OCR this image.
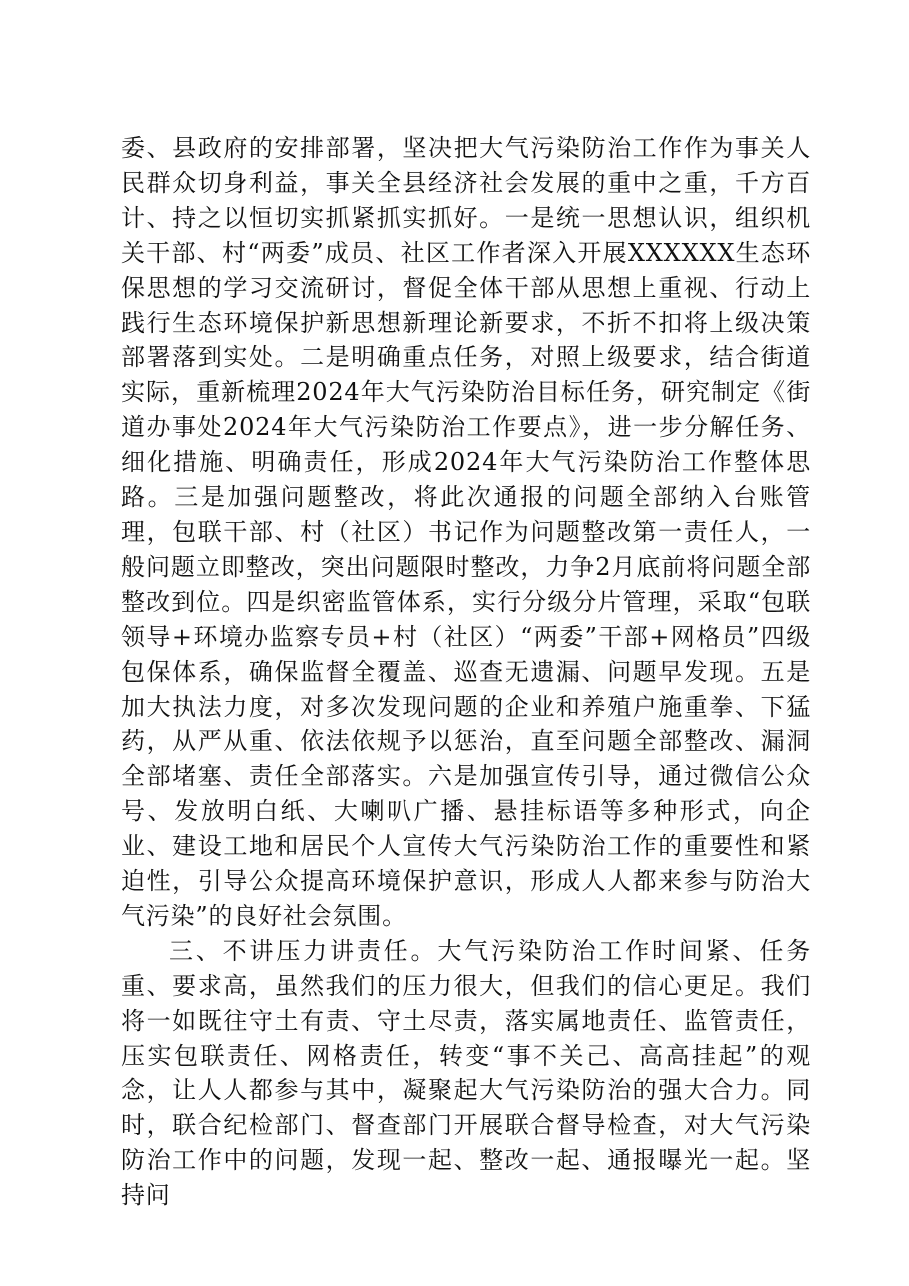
委、县政府的安排部署，坚决把大气污染防治工作作为事关人民群众切身利益，事关全县经济社会发展的重中之重，千方百计、持之以恒切实抓紧抓实抓好。一是统一思想认识，组织机关干部、村“两委”成员、社区工作者深入开展XXXXXX生态环保思想的学习交流研讨，督促全体干部从思想上重视、行动上践行生态环境保护新思想新理论新要求，不折不扣将上级决策部署落到实处。二是明确重点任务，对照上级要求，结合街道实际，重新梳理2024年大气污染防治目标任务，研究制定《街道办事处2024年大气污染防治工作要点》，进一步分解任务、细化措施、明确责任，形成2024年大气污染防治工作整体思路。三是加强问题整改，将此次通报的问题全部纳入台账管理，包联干部、村（社区）书记作为问题整改第一责任人，一般问题立即整改，突出问题限时整改，力争2月底前将问题全部整改到位。四是织密监管体系，实行分级分片管理，采取“包联领导+环境办监察专员+村（社区）“两委”干部+网格员”四级包保体系，确保监督全覆盖、巡查无遗漏、问题早发现。五是加大执法力度，对多次发现问题的企业和养殖户施重拳、下猛药，从严从重、依法依规予以惩治，直至问题全部整改、漏洞全部堵塞、责任全部落实。六是加强宣传引导，通过微信公众号、发放明白纸、大喇叭广播、悬挂标语等多种形式，向企业、建设工地和居民个人宣传大气污染防治工作的重要性和紧迫性，引导公众提高环境保护意识，形成人人都来参与防治大气污染”的良好社会氛围。

三、不讲压力讲责任。大气污染防治工作时间紧、任务重、要求高，虽然我们的压力很大，但我们的信心更足。我们将一如既往守土有责、守土尽责，落实属地责任、监管责任，压实包联责任、网格责任，转变“事不关己、高高挂起”的观念，让人人都参与其中，凝聚起大气污染防治的强大合力。同时，联合纪检部门、督查部门开展联合督导检查，对大气污染防治工作中的问题，发现一起、整改一起、通报曝光一起。坚持问
